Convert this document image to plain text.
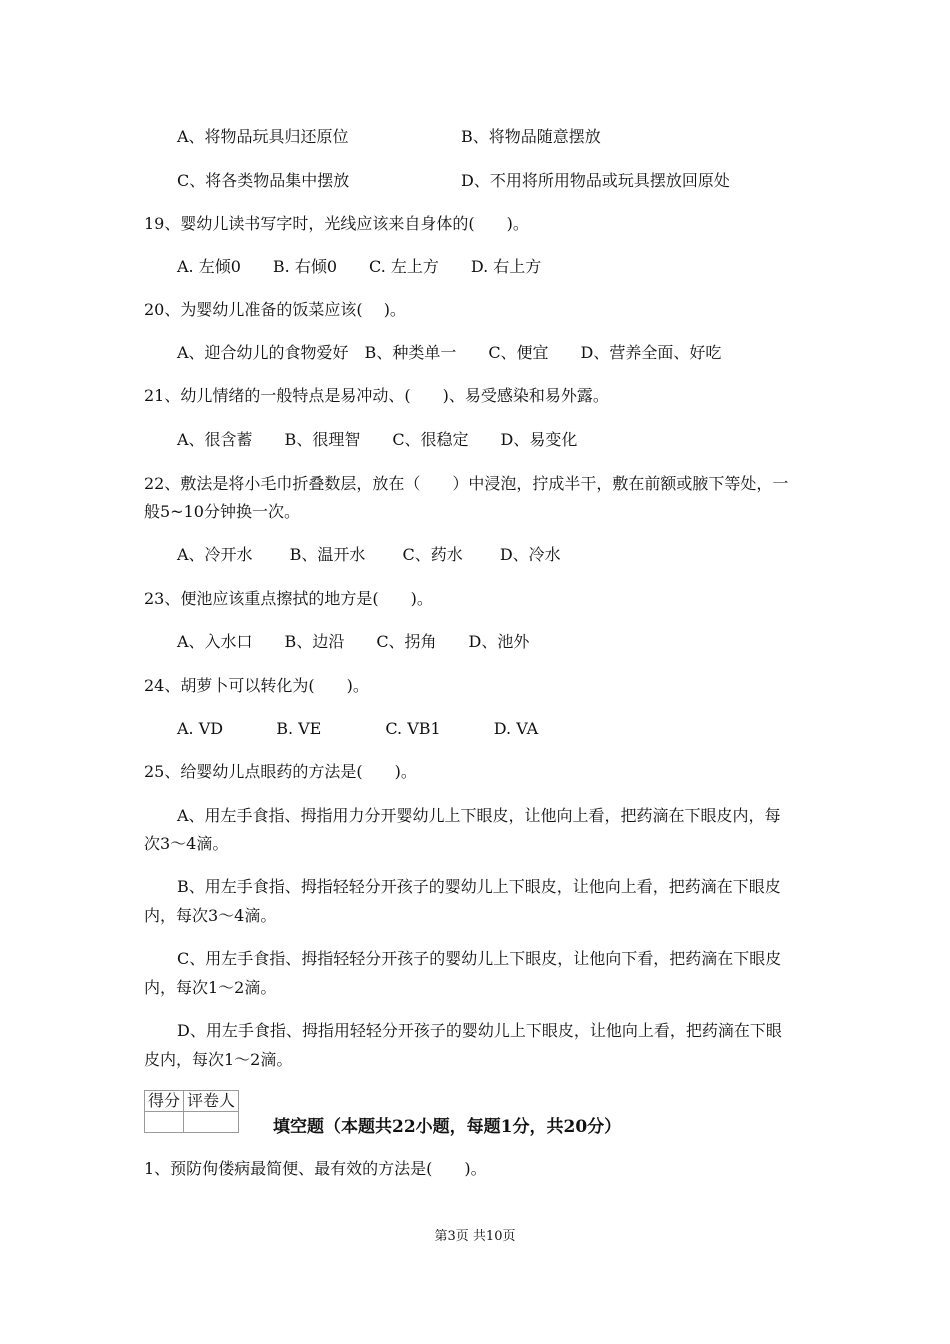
A、将物品玩具归还原位	B、将物品随意摆放
C、将各类物品集中摆放	D、不用将所用物品或玩具摆放回原处
19、婴幼儿读书写字时，光线应该来自身体的(　　)。
A. 左倾0　　B. 右倾0　　C. 左上方　　D. 右上方
20、为婴幼儿准备的饭菜应该(　 )。
A、迎合幼儿的食物爱好　B、种类单一　　C、便宜　　D、营养全面、好吃
21、幼儿情绪的一般特点是易冲动、(　　)、易受感染和易外露。
A、很含蓄　　B、很理智　　C、很稳定　　D、易变化
22、敷法是将小毛巾折叠数层，放在（　　）中浸泡，拧成半干，敷在前额或腋下等处，一
般5~10分钟换一次。
A、冷开水　　 B、温开水　　 C、药水　　 D、冷水
23、便池应该重点擦拭的地方是(　　)。
A、入水口　　B、边沿　　C、拐角　　D、池外
24、胡萝卜可以转化为(　　)。
A. VD　　　 B. VE　　　　C. VB1　　　 D. VA
25、给婴幼儿点眼药的方法是(　　)。
A、用左手食指、拇指用力分开婴幼儿上下眼皮，让他向上看，把药滴在下眼皮内，每
次3～4滴。
B、用左手食指、拇指轻轻分开孩子的婴幼儿上下眼皮，让他向上看，把药滴在下眼皮
内，每次3～4滴。
C、用左手食指、拇指轻轻分开孩子的婴幼儿上下眼皮，让他向下看，把药滴在下眼皮
内，每次1～2滴。
D、用左手食指、拇指用轻轻分开孩子的婴幼儿上下眼皮，让他向上看，把药滴在下眼
皮内，每次1～2滴。
得分	评卷人

填空题（本题共22小题，每题1分，共20分）
1、预防佝偻病最简便、最有效的方法是(　　)。
第3页 共10页
